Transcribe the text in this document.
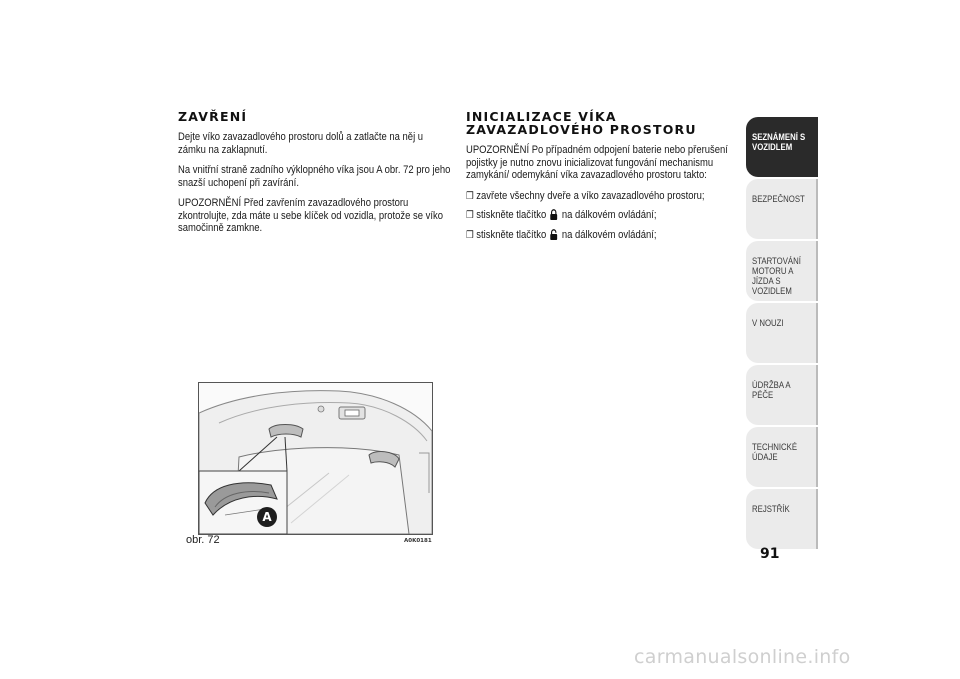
ZAVŘENÍ

Dejte víko zavazadlového prostoru dolů a zatlačte na něj u zámku na zaklapnutí.

Na vnitřní straně zadního výklopného víka jsou A obr. 72 pro jeho snazší uchopení při zavírání.

UPOZORNĚNÍ Před zavřením zavazadlového prostoru zkontrolujte, zda máte u sebe klíček od vozidla, protože se víko samočinně zamkne.

INICIALIZACE VÍKA ZAVAZADLOVÉHO PROSTORU

UPOZORNĚNÍ Po případném odpojení baterie nebo přerušení pojistky je nutno znovu inicializovat fungování mechanismu zamykání/ odemykání víka zavazadlového prostoru takto:

❒ zavřete všechny dveře a víko zavazadlového prostoru;

❒ stiskněte tlačítko na dálkovém ovládání;

❒ stiskněte tlačítko na dálkovém ovládání;

A
obr. 72	A0K0181
SEZNÁMENÍ S VOZIDLEM
BEZPEČNOST
STARTOVÁNÍ MOTORU A JÍZDA S VOZIDLEM
V NOUZI
ÚDRŽBA A PÉČE
TECHNICKÉ ÚDAJE
REJSTŘÍK
91
carmanualsonline.info
